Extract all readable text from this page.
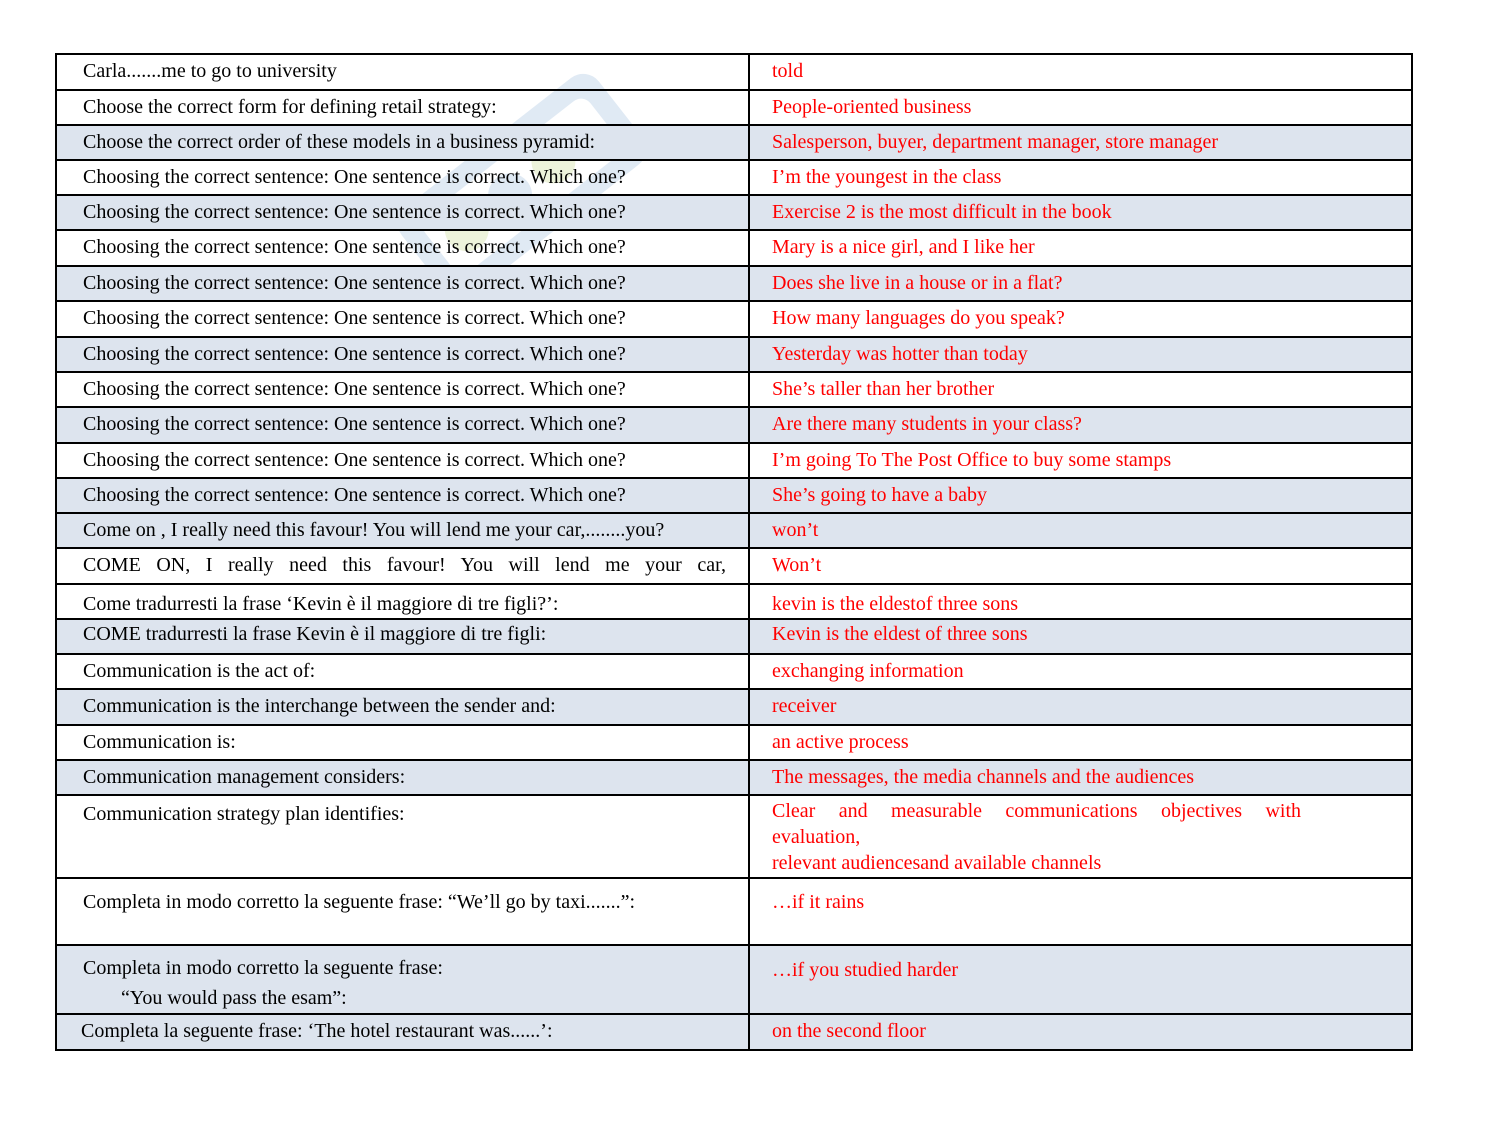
Carla.......me to go to university	told
Choose the correct form for defining retail strategy:	People-oriented business
Choose the correct order of these models in a business pyramid:	Salesperson, buyer, department manager, store manager
Choosing the correct sentence: One sentence is correct. Which one?	I’m the youngest in the class
Choosing the correct sentence: One sentence is correct. Which one?	Exercise 2 is the most difficult in the book
Choosing the correct sentence: One sentence is correct. Which one?	Mary is a nice girl, and I like her
Choosing the correct sentence: One sentence is correct. Which one?	Does she live in a house or in a flat?
Choosing the correct sentence: One sentence is correct. Which one?	How many languages do you speak?
Choosing the correct sentence: One sentence is correct. Which one?	Yesterday was hotter than today
Choosing the correct sentence: One sentence is correct. Which one?	She’s taller than her brother
Choosing the correct sentence: One sentence is correct. Which one?	Are there many students in your class?
Choosing the correct sentence: One sentence is correct. Which one?	I’m going To The Post Office to buy some stamps
Choosing the correct sentence: One sentence is correct. Which one?	She’s going to have a baby
Come on , I really need this favour! You will lend me your car,........you?	won’t
COME ON, I really need this favour! You will lend me your car,	Won’t
Come tradurresti la frase ‘Kevin è il maggiore di tre figli?’:	kevin is the eldestof three sons
COME tradurresti la frase Kevin è il maggiore di tre figli:	Kevin is the eldest of three sons
Communication is the act of:	exchanging information
Communication is the interchange between the sender and:	receiver
Communication is:	an active process
Communication management considers:	The messages, the media channels and the audiences
Communication strategy plan identifies:	Clear and measurable communications objectives with evaluation,
relevant audiencesand available channels

Completa in modo corretto la seguente frase: “We’ll go by taxi.......”:	…if it rains

Completa in modo corretto la seguente frase:
“You would pass the esam”:	…if you studied harder
Completa la seguente frase: ‘The hotel restaurant was......’:	on the second floor
